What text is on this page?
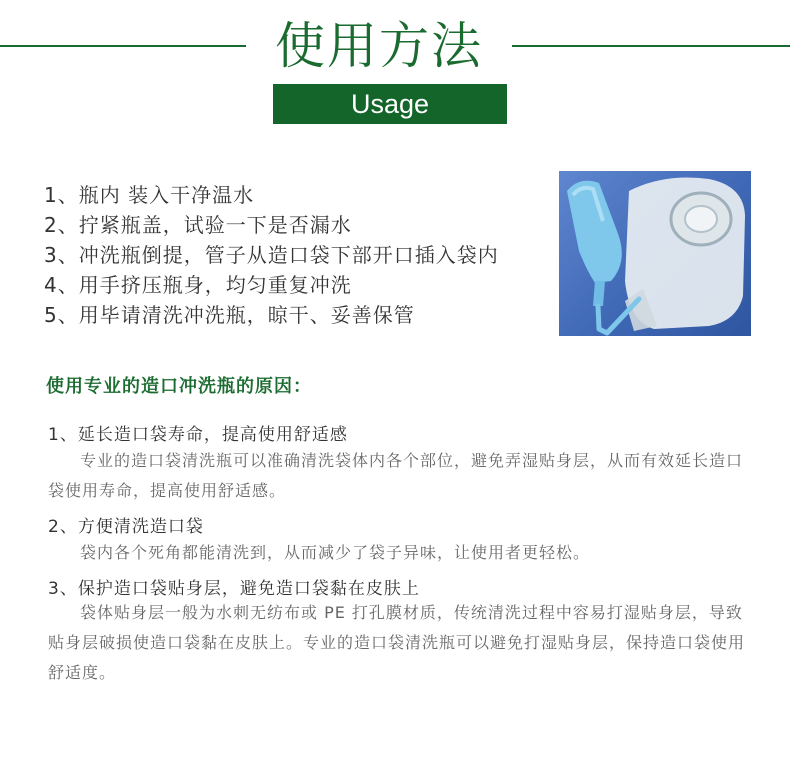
使用方法
Usage
1、瓶内 装入干净温水
2、拧紧瓶盖，试验一下是否漏水
3、冲洗瓶倒提，管子从造口袋下部开口插入袋内
4、用手挤压瓶身，均匀重复冲洗
5、用毕请清洗冲洗瓶，晾干、妥善保管
使用专业的造口冲洗瓶的原因：
1、延长造口袋寿命，提高使用舒适感

专业的造口袋清洗瓶可以准确清洗袋体内各个部位，避免弄湿贴身层，从而有效延长造口袋使用寿命，提高使用舒适感。

2、方便清洗造口袋

袋内各个死角都能清洗到，从而减少了袋子异味，让使用者更轻松。

3、保护造口袋贴身层，避免造口袋黏在皮肤上

袋体贴身层一般为水刺无纺布或 PE 打孔膜材质，传统清洗过程中容易打湿贴身层，导致贴身层破损使造口袋黏在皮肤上。专业的造口袋清洗瓶可以避免打湿贴身层，保持造口袋使用舒适度。
